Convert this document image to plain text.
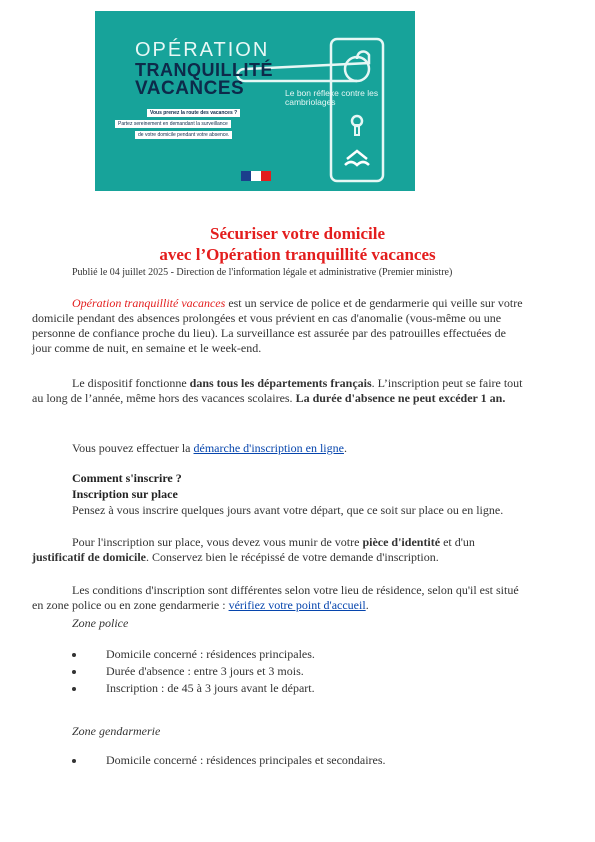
OPÉRATION
TRANQUILLITÉ
VACANCES	Le bon réflexe contre les cambriolages
Vous prenez la route des vacances ?
Partez sereinement en demandant la surveillance
de votre domicile pendant votre absence.
Sécuriser votre domicile
avec l’Opération tranquillité vacances
Publié le 04 juillet 2025 - Direction de l'information légale et administrative (Premier ministre)
Opération tranquillité vacances est un service de police et de gendarmerie qui veille sur votre domicile pendant des absences prolongées et vous prévient en cas d'anomalie (vous-même ou une personne de confiance proche du lieu). La surveillance est assurée par des patrouilles effectuées de jour comme de nuit, en semaine et le week-end.
Le dispositif fonctionne dans tous les départements français. L’inscription peut se faire tout au long de l’année, même hors des vacances scolaires. La durée d'absence ne peut excéder 1 an.
Vous pouvez effectuer la démarche d'inscription en ligne.
Comment s'inscrire ?
Inscription sur place
Pensez à vous inscrire quelques jours avant votre départ, que ce soit sur place ou en ligne.
Pour l'inscription sur place, vous devez vous munir de votre pièce d'identité et d'un justificatif de domicile. Conservez bien le récépissé de votre demande d'inscription.
Les conditions d'inscription sont différentes selon votre lieu de résidence, selon qu'il est situé en zone police ou en zone gendarmerie : vérifiez votre point d'accueil.
Zone police
Domicile concerné : résidences principales.
Durée d'absence : entre 3 jours et 3 mois.
Inscription : de 45 à 3 jours avant le départ.
Zone gendarmerie
Domicile concerné : résidences principales et secondaires.
